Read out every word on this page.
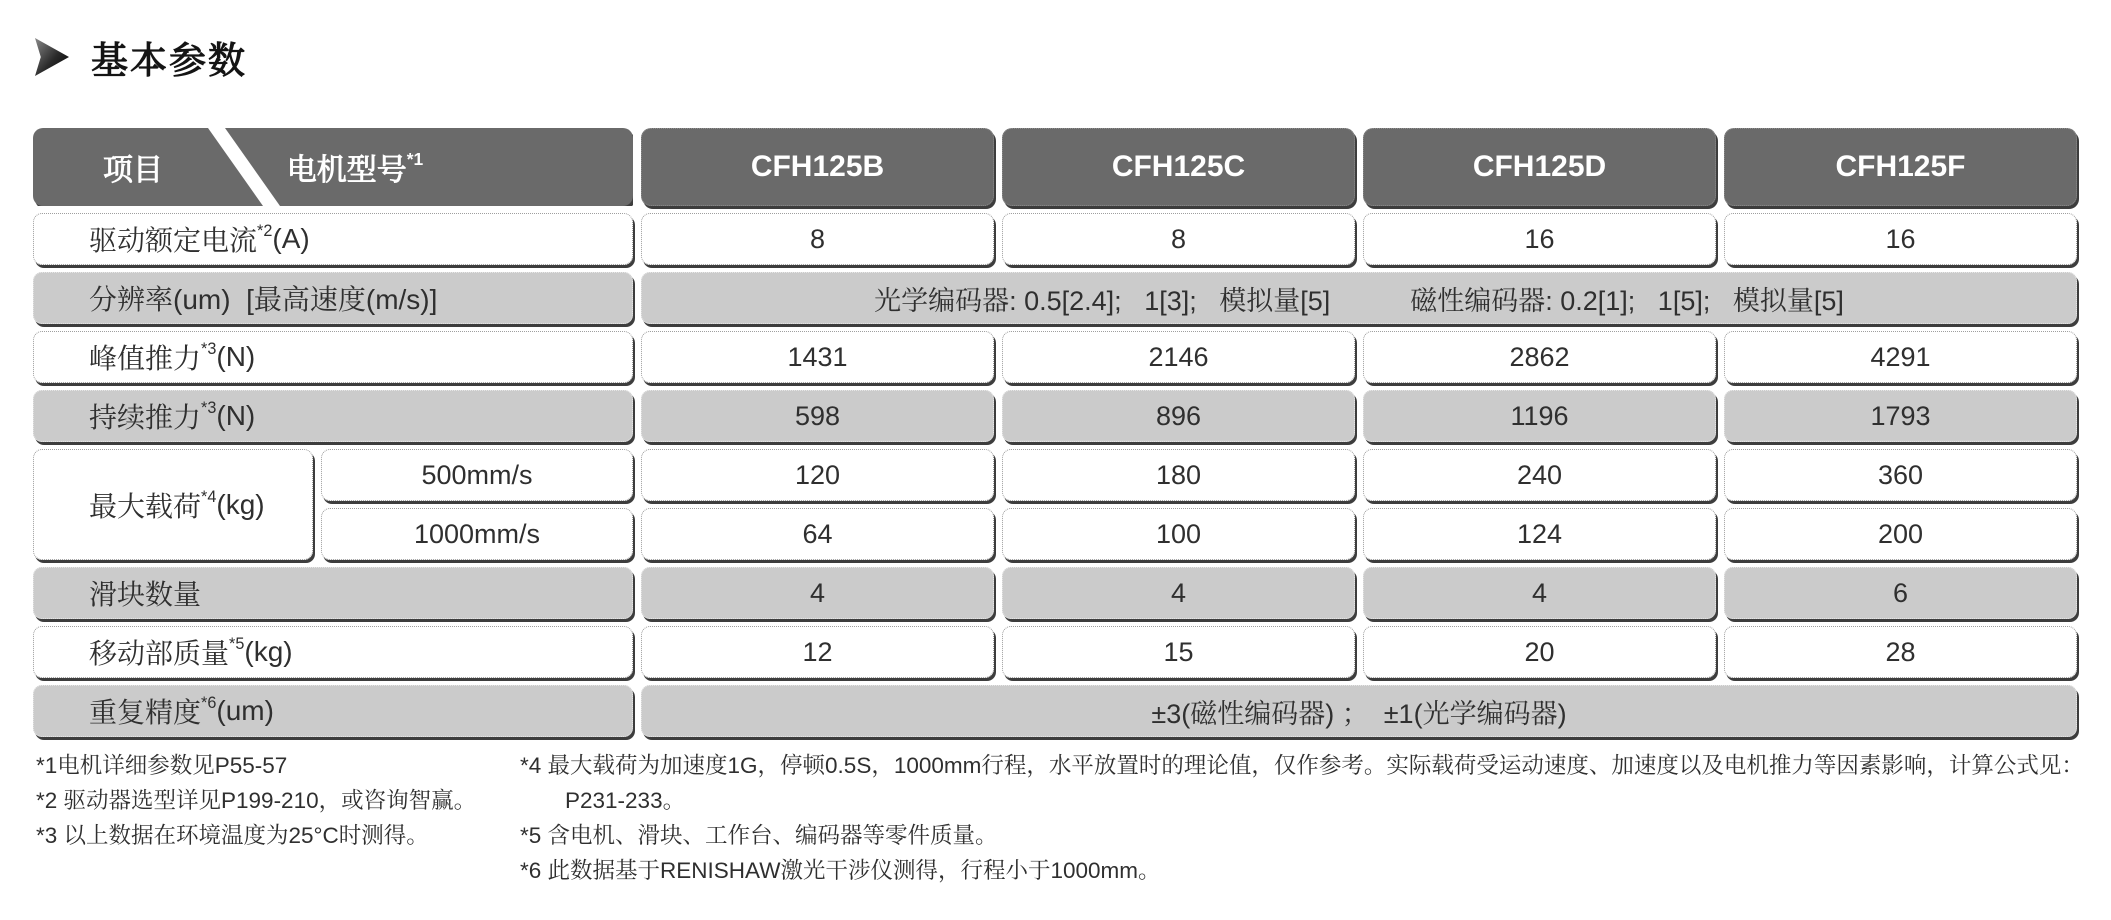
基本参数
项目	电机型号$^{*1}$	CFH125B	CFH125C	CFH125D	CFH125F
驱动额定电流$^{*2}$ (A)	8	8	16	16
分辨率(um)  [最高速度(m/s)]	光学编码器: 0.5[2.4];   1[3];   模拟量[5]	磁性编码器: 0.2[1];   1[5];   模拟量[5]
峰值推力$^{*3}$ (N)	1431	2146	2862	4291
持续推力$^{*3}$ (N)	598	896	1196	1793
最大载荷$^{*4}$ (kg)
500mm/s	120	180	240	360
1000mm/s	64	100	124	200
滑块数量	4	4	4	6
移动部质量$^{*5}$ (kg)	12	15	20	28
重复精度$^{*6}$ (um)	±3(磁性编码器) ；  ±1(光学编码器)
*1电机详细参数见P55-57
*2 驱动器选型详见P199-210，或咨询智赢。
*3 以上数据在环境温度为25°C时测得。
*4 最大载荷为加速度1G，停顿0.5S，1000mm行程，水平放置时的理论值，仅作参考。实际载荷受运动速度、加速度以及电机推力等因素影响，计算公式见：P231-233。
*5 含电机、滑块、工作台、编码器等零件质量。
*6 此数据基于RENISHAW激光干涉仪测得，行程小于1000mm。
